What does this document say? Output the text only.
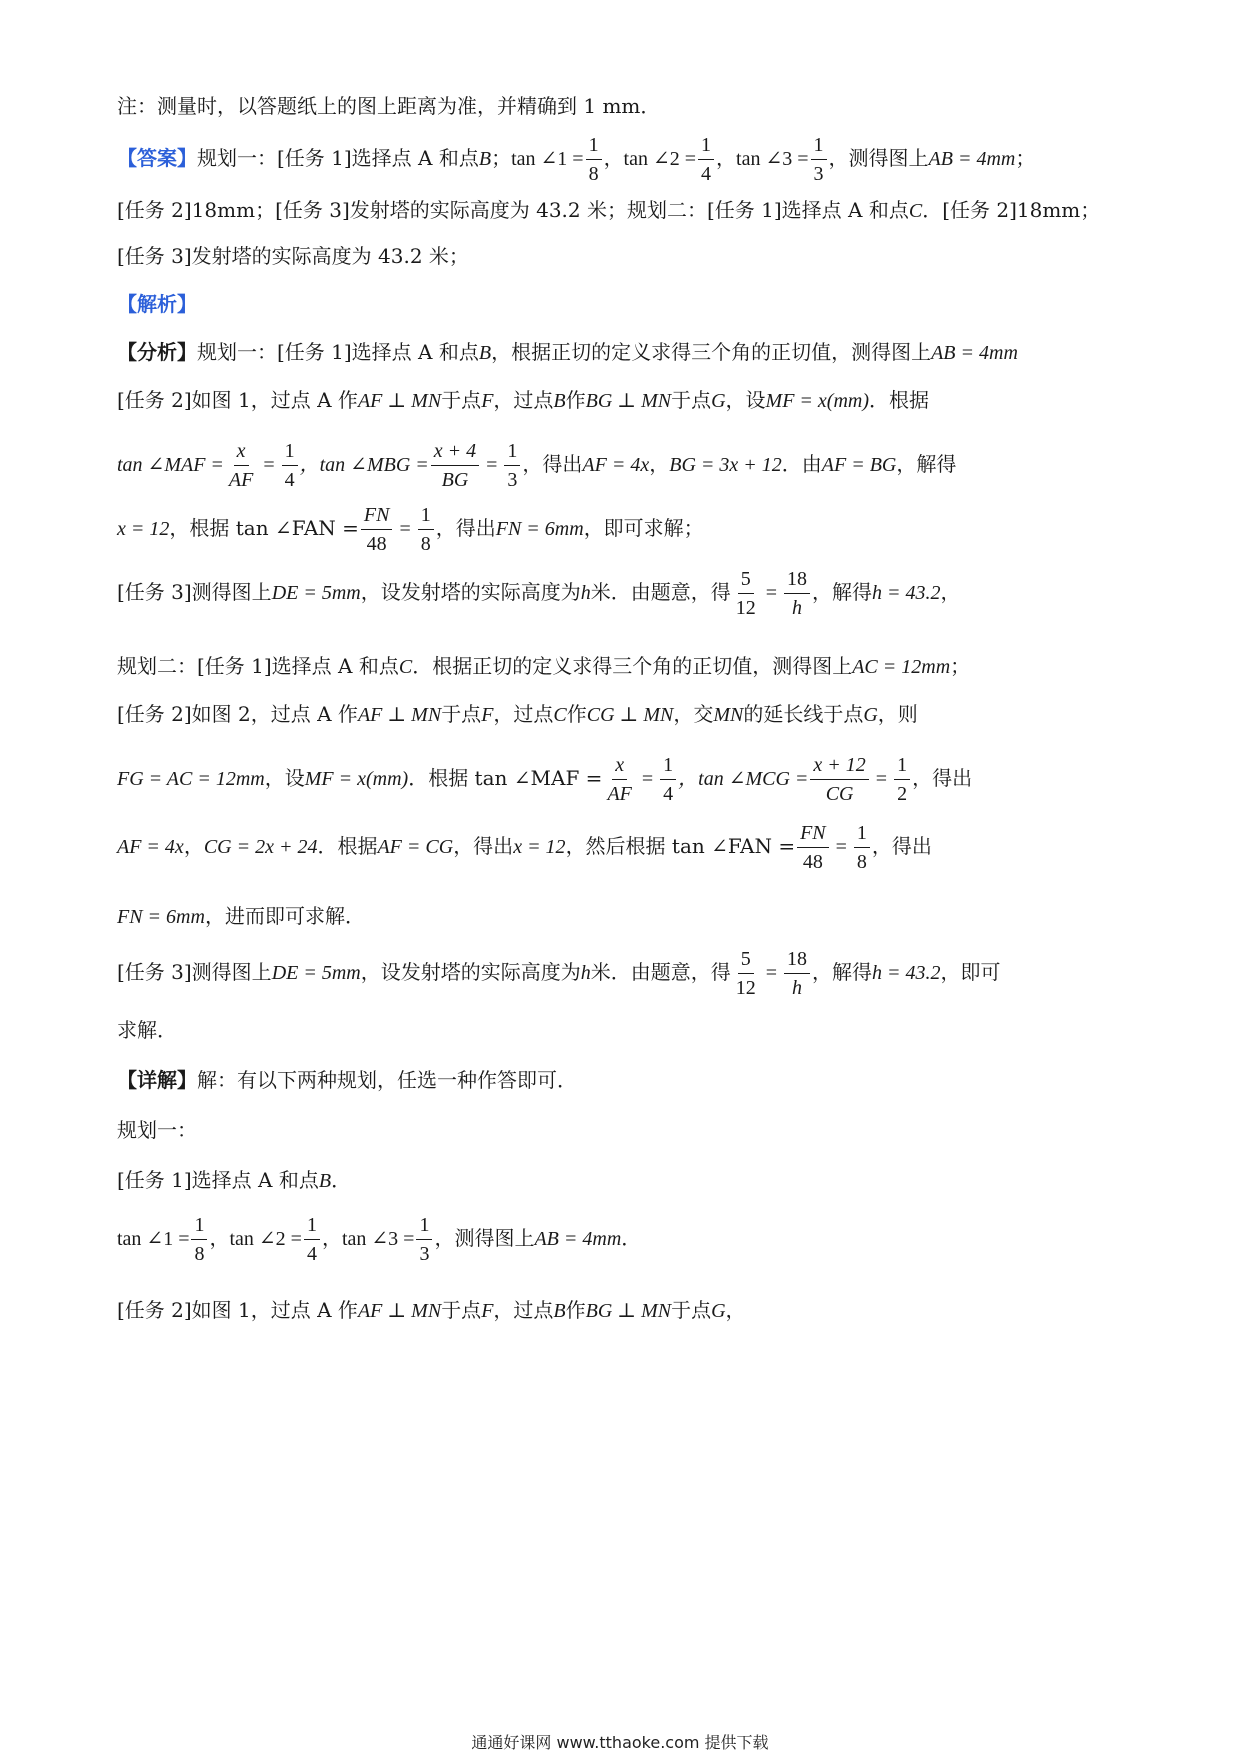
注：测量时，以答题纸上的图上距离为准，并精确到 1 mm．
【答案】规划一：[任务 1]选择点 A 和点B；tan ∠1 = $\frac{1}{8}$ ，tan ∠2 = $\frac{1}{4}$ ，tan ∠3 = $\frac{1}{3}$ ，测得图上AB = 4mm；
[任务 2]18mm；[任务 3]发射塔的实际高度为 43.2 米；规划二：[任务 1]选择点 A 和点C．[任务 2]18mm；
[任务 3]发射塔的实际高度为 43.2 米；
【解析】
【分析】规划一：[任务 1]选择点 A 和点B，根据正切的定义求得三个角的正切值，测得图上AB = 4mm
[任务 2]如图 1，过点 A 作AF ⊥ MN于点F，过点B作BG ⊥ MN于点G，设MF = x(mm)．根据
tan ∠MAF = $\frac{x}{AF} = \frac{1}{4}$ ，tan ∠MBG = $\frac{x + 4}{BG} = \frac{1}{3}$ ，得出AF = 4x，BG = 3x + 12．由AF = BG，解得
x = 12，根据 tan ∠FAN = $\frac{FN}{48} = \frac{1}{8}$ ，得出FN = 6mm，即可求解；
[任务 3]测得图上DE = 5mm，设发射塔的实际高度为h米．由题意，得 $\frac{5}{12} = \frac{18}{h}$ ，解得h = 43.2，
规划二：[任务 1]选择点 A 和点C．根据正切的定义求得三个角的正切值，测得图上AC = 12mm；
[任务 2]如图 2，过点 A 作AF ⊥ MN于点F，过点C作CG ⊥ MN，交MN的延长线于点G，则
FG = AC = 12mm，设MF = x(mm)．根据 tan ∠MAF = $\frac{x}{AF} = \frac{1}{4}$ ，tan ∠MCG = $\frac{x + 12}{CG} = \frac{1}{2}$ ，得出
AF = 4x，CG = 2x + 24．根据AF = CG，得出x = 12，然后根据 tan ∠FAN = $\frac{FN}{48} = \frac{1}{8}$ ，得出
FN = 6mm，进而即可求解．
[任务 3]测得图上DE = 5mm，设发射塔的实际高度为h米．由题意，得 $\frac{5}{12} = \frac{18}{h}$ ，解得h = 43.2，即可
求解．
【详解】解：有以下两种规划，任选一种作答即可．
规划一：
[任务 1]选择点 A 和点B．
tan ∠1 = $\frac{1}{8}$ ，tan ∠2 = $\frac{1}{4}$ ，tan ∠3 = $\frac{1}{3}$ ，测得图上AB = 4mm．
[任务 2]如图 1，过点 A 作AF ⊥ MN于点F，过点B作BG ⊥ MN于点G，
通通好课网 www.tthaoke.com 提供下载
